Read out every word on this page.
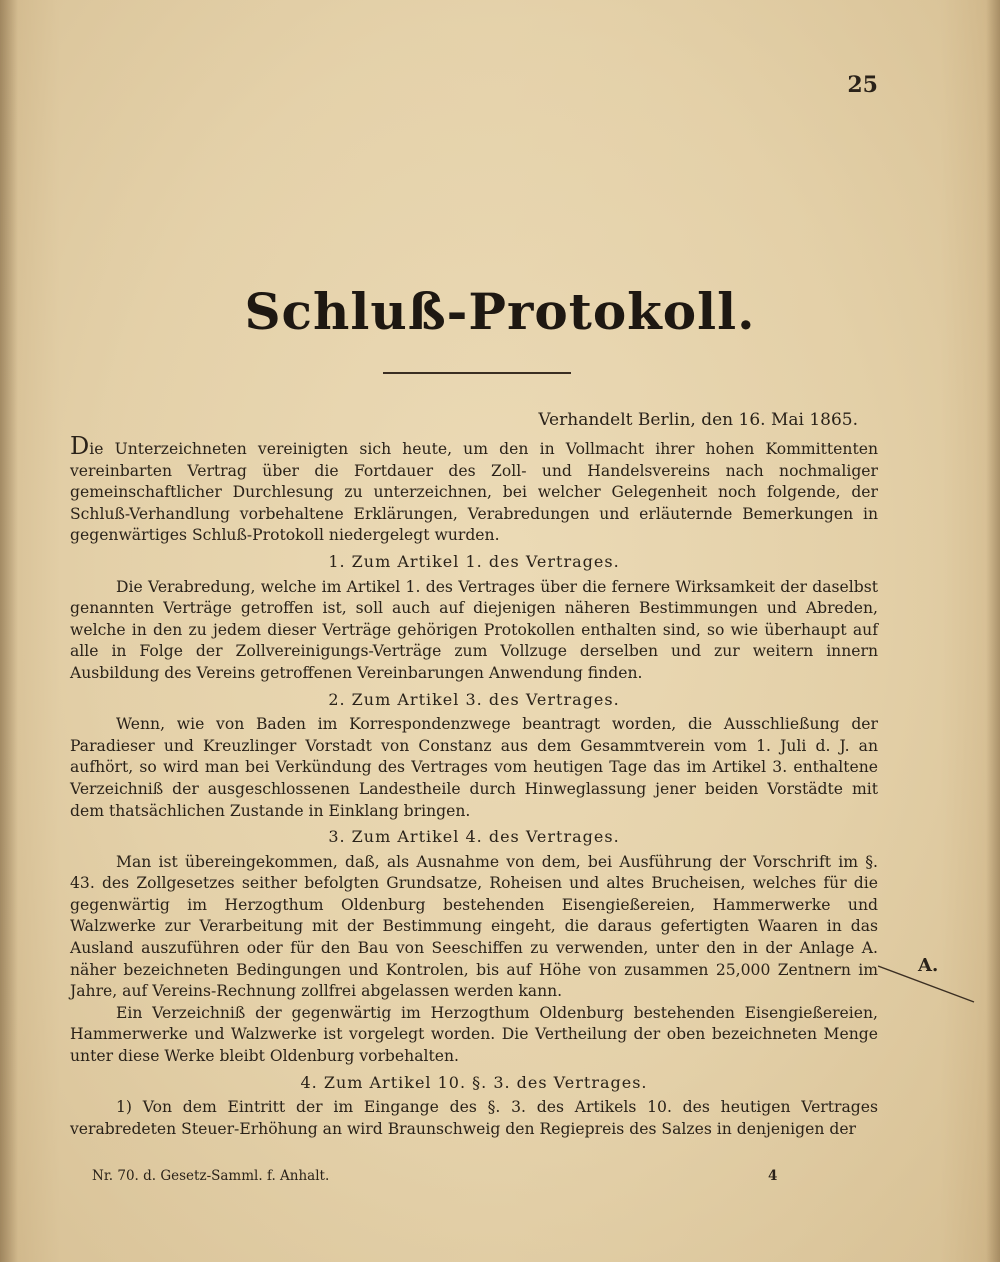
25
Schluß-Protokoll.
Verhandelt Berlin, den 16. Mai 1865.

Die Unterzeichneten vereinigten sich heute, um den in Vollmacht ihrer hohen Kommittenten vereinbarten Vertrag über die Fortdauer des Zoll- und Handelsvereins nach nochmaliger gemeinschaftlicher Durchlesung zu unterzeichnen, bei welcher Gelegenheit noch folgende, der Schluß-Verhandlung vorbehaltene Erklärungen, Verabredungen und erläuternde Bemerkungen in gegenwärtiges Schluß-Protokoll niedergelegt wurden.

1. Zum Artikel 1. des Vertrages.

Die Verabredung, welche im Artikel 1. des Vertrages über die fernere Wirksamkeit der daselbst genannten Verträge getroffen ist, soll auch auf diejenigen näheren Bestimmungen und Abreden, welche in den zu jedem dieser Verträge gehörigen Protokollen enthalten sind, so wie überhaupt auf alle in Folge der Zollvereinigungs-Verträge zum Vollzuge derselben und zur weitern innern Ausbildung des Vereins getroffenen Vereinbarungen Anwendung finden.

2. Zum Artikel 3. des Vertrages.

Wenn, wie von Baden im Korrespondenzwege beantragt worden, die Ausschließung der Paradieser und Kreuzlinger Vorstadt von Constanz aus dem Gesammtverein vom 1. Juli d. J. an aufhört, so wird man bei Verkündung des Vertrages vom heutigen Tage das im Artikel 3. enthaltene Verzeichniß der ausgeschlossenen Landestheile durch Hinweglassung jener beiden Vorstädte mit dem thatsächlichen Zustande in Einklang bringen.

3. Zum Artikel 4. des Vertrages.

Man ist übereingekommen, daß, als Ausnahme von dem, bei Ausführung der Vorschrift im §. 43. des Zollgesetzes seither befolgten Grundsatze, Roheisen und altes Brucheisen, welches für die gegenwärtig im Herzogthum Oldenburg bestehenden Eisengießereien, Hammerwerke und Walzwerke zur Verarbeitung mit der Bestimmung eingeht, die daraus gefertigten Waaren in das Ausland auszuführen oder für den Bau von Seeschiffen zu verwenden, unter den in der Anlage A. näher bezeichneten Bedingungen und Kontrolen, bis auf Höhe von zusammen 25,000 Zentnern im Jahre, auf Vereins-Rechnung zollfrei abgelassen werden kann.

Ein Verzeichniß der gegenwärtig im Herzogthum Oldenburg bestehenden Eisengießereien, Hammerwerke und Walzwerke ist vorgelegt worden. Die Vertheilung der oben bezeichneten Menge unter diese Werke bleibt Oldenburg vorbehalten.

4. Zum Artikel 10. §. 3. des Vertrages.

1) Von dem Eintritt der im Eingange des §. 3. des Artikels 10. des heutigen Vertrages verabredeten Steuer-Erhöhung an wird Braunschweig den Regiepreis des Salzes in denjenigen der

A.
Nr. 70. d. Gesetz-Samml. f. Anhalt.	4
